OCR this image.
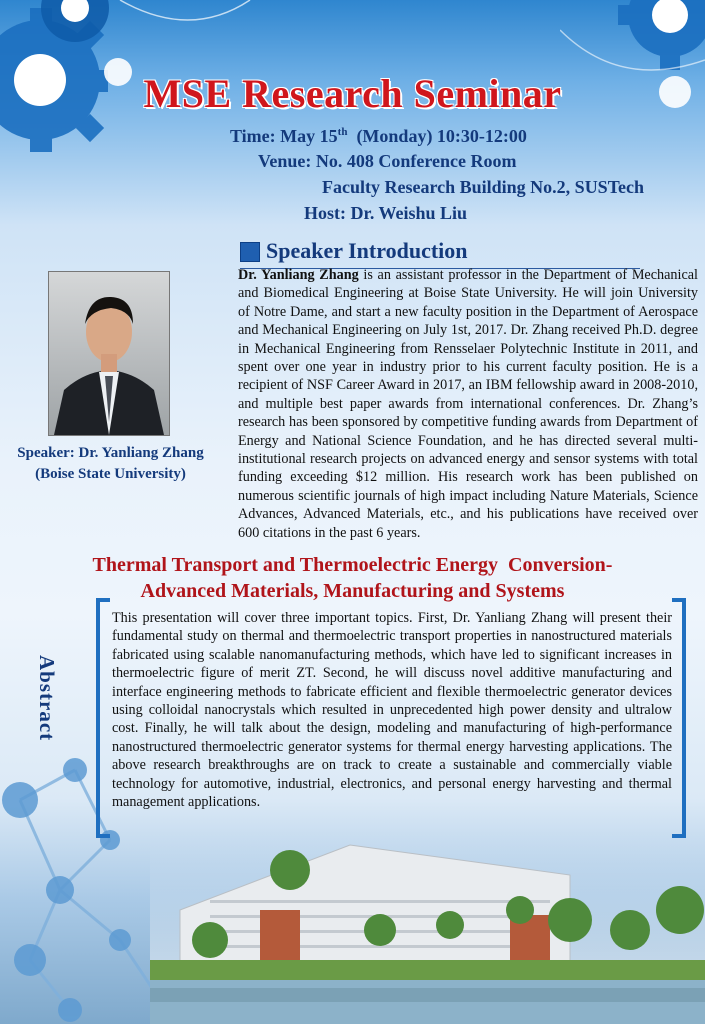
MSE Research Seminar
Time: May 15th  (Monday) 10:30-12:00
Venue: No. 408 Conference Room
Faculty Research Building No.2, SUSTech
Host: Dr. Weishu Liu
Speaker Introduction
Speaker: Dr. Yanliang Zhang
(Boise State University)
Dr. Yanliang Zhang is an assistant professor in the Department of Mechanical and Biomedical Engineering at Boise State University. He will join University of Notre Dame, and start a new faculty position in the Department of Aerospace and Mechanical Engineering on July 1st, 2017. Dr. Zhang received Ph.D. degree in Mechanical Engineering from Rensselaer Polytechnic Institute in 2011, and spent over one year in industry prior to his current faculty position. He is a recipient of NSF Career Award in 2017, an IBM fellowship award in 2008-2010, and multiple best paper awards from international conferences. Dr. Zhang’s research has been sponsored by competitive funding awards from Department of Energy and National Science Foundation, and he has directed several multi-institutional research projects on advanced energy and sensor systems with total funding exceeding $12 million. His research work has been published on numerous scientific journals of high impact including Nature Materials, Science Advances, Advanced Materials, etc., and his publications have received over 600 citations in the past 6 years.
Thermal Transport and Thermoelectric Energy  Conversion-
Advanced Materials, Manufacturing and Systems
Abstract
This presentation will cover three important topics. First, Dr. Yanliang Zhang will present their fundamental study on thermal and thermoelectric transport properties in nanostructured materials fabricated using scalable nanomanufacturing methods, which have led to significant increases in thermoelectric figure of merit ZT. Second, he will discuss novel additive manufacturing and interface engineering methods to fabricate efficient and flexible thermoelectric generator devices using colloidal nanocrystals which resulted in unprecedented high power density and ultralow cost. Finally, he will talk about the design, modeling and manufacturing of high-performance nanostructured thermoelectric generator systems for thermal energy harvesting applications. The above research breakthroughs are on track to create a sustainable and commercially viable technology for automotive, industrial, electronics, and personal energy harvesting and thermal management applications.
